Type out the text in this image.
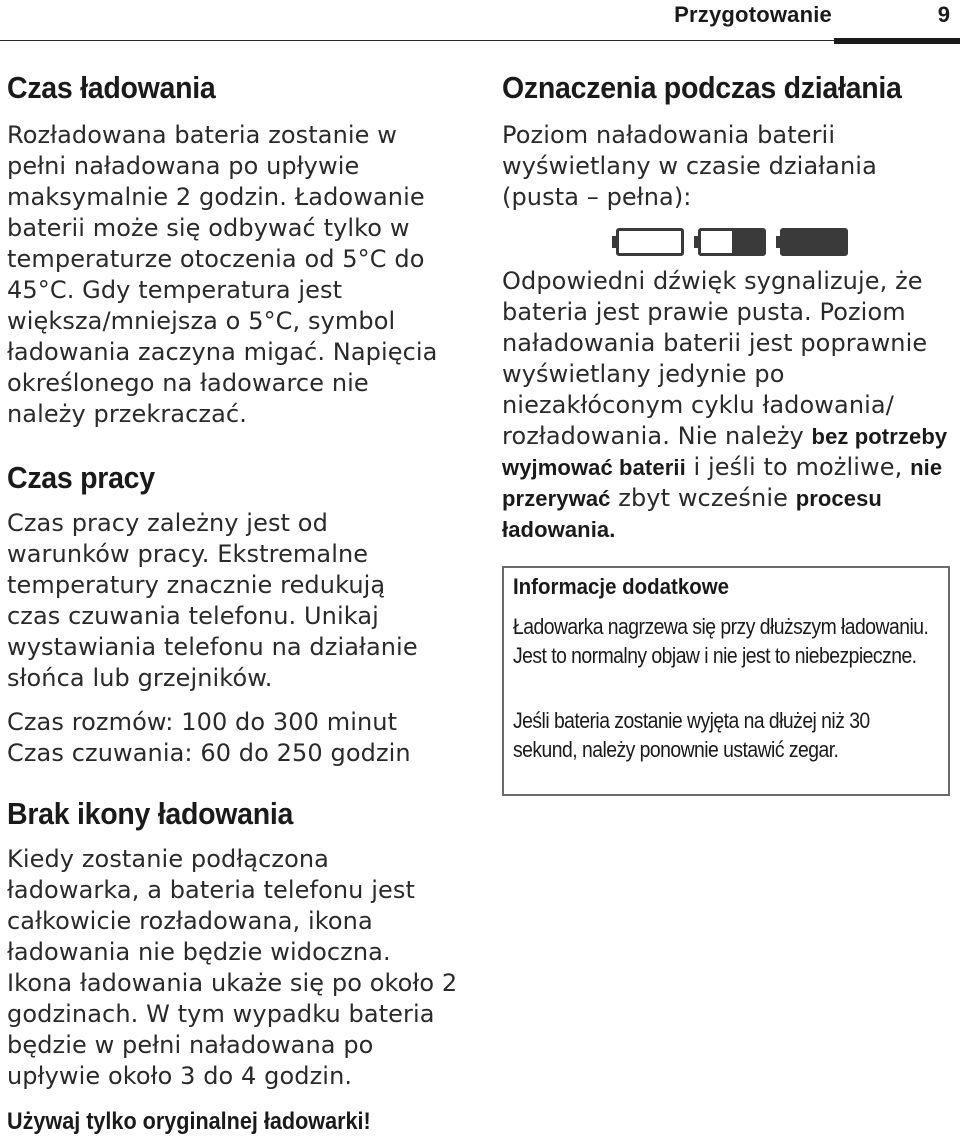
Przygotowanie	9
Czas ładowania

Rozładowana bateria zostanie w pełni naładowana po upływie maksymalnie 2 godzin. Ładowanie baterii może się odbywać tylko w temperaturze otoczenia od 5°C do 45°C. Gdy temperatura jest większa/mniejsza o 5°C, symbol ładowania zaczyna migać. Napięcia określonego na ładowarce nie należy przekraczać.

Czas pracy

Czas pracy zależny jest od warunków pracy. Ekstremalne temperatury znacznie redukują czas czuwania telefonu. Unikaj wystawiania telefonu na działanie słońca lub grzejników.

Czas rozmów: 100 do 300 minut

Czas czuwania: 60 do 250 godzin

Brak ikony ładowania

Kiedy zostanie podłączona ładowarka, a bateria telefonu jest całkowicie rozładowana, ikona ładowania nie będzie widoczna. Ikona ładowania ukaże się po około 2 godzinach. W tym wypadku bateria będzie w pełni naładowana po upływie około 3 do 4 godzin.

Używaj tylko oryginalnej ładowarki!
Oznaczenia podczas działania

Poziom naładowania baterii wyświetlany w czasie działania (pusta – pełna):

Odpowiedni dźwięk sygnalizuje, że bateria jest prawie pusta. Poziom naładowania baterii jest poprawnie wyświetlany jedynie po niezakłóconym cyklu ładowania/ rozładowania. Nie należy bez potrzeby wyjmować baterii i jeśli to możliwe, nie przerywać zbyt wcześnie procesu ładowania.

Informacje dodatkowe

Ładowarka nagrzewa się przy dłuższym ładowaniu. Jest to normalny objaw i nie jest to niebezpieczne.

Jeśli bateria zostanie wyjęta na dłużej niż 30 sekund, należy ponownie ustawić zegar.
